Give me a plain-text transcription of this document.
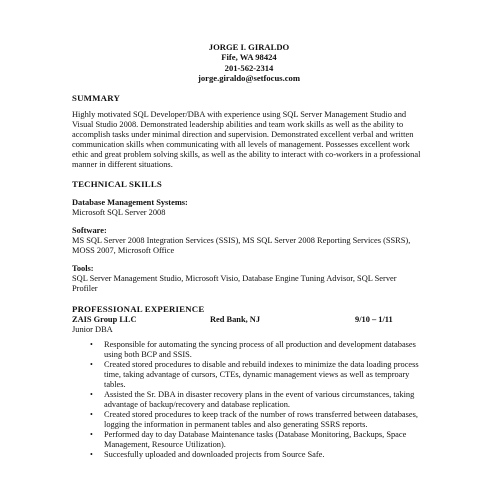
JORGE I. GIRALDO
Fife, WA 98424
201-562-2314
jorge.giraldo@setfocus.com
SUMMARY
Highly motivated SQL Developer/DBA with experience using SQL Server Management Studio and Visual Studio 2008. Demonstrated leadership abilities and team work skills as well as the ability to accomplish tasks under minimal direction and supervision. Demonstrated excellent verbal and written communication skills when communicating with all levels of management. Possesses excellent work ethic and great problem solving skills, as well as the ability to interact with co-workers in a professional manner in different situations.
TECHNICAL SKILLS
Database Management Systems:
Microsoft SQL Server 2008
Software:
MS SQL Server 2008 Integration Services (SSIS), MS SQL Server 2008 Reporting Services (SSRS), MOSS 2007, Microsoft Office
Tools:
SQL Server Management Studio, Microsoft Visio, Database Engine Tuning Advisor, SQL Server Profiler
PROFESSIONAL EXPERIENCE
ZAIS Group LLC	Red Bank, NJ	9/10 – 1/11
Junior DBA
• Responsible for automating the syncing process of all production and development databases using both BCP and SSIS.
• Created stored procedures to disable and rebuild indexes to minimize the data loading process time, taking advantage of cursors, CTEs, dynamic management views as well as temproary tables.
• Assisted the Sr. DBA in disaster recovery plans in the event of various circumstances, taking advantage of backup/recovery and database replication.
• Created stored procedures to keep track of the number of rows transferred between databases, logging the information in permanent tables and also generating SSRS reports.
• Performed day to day Database Maintenance tasks (Database Monitoring, Backups, Space Management, Resource Utilization).
• Succesfully uploaded and downloaded projects from Source Safe.
